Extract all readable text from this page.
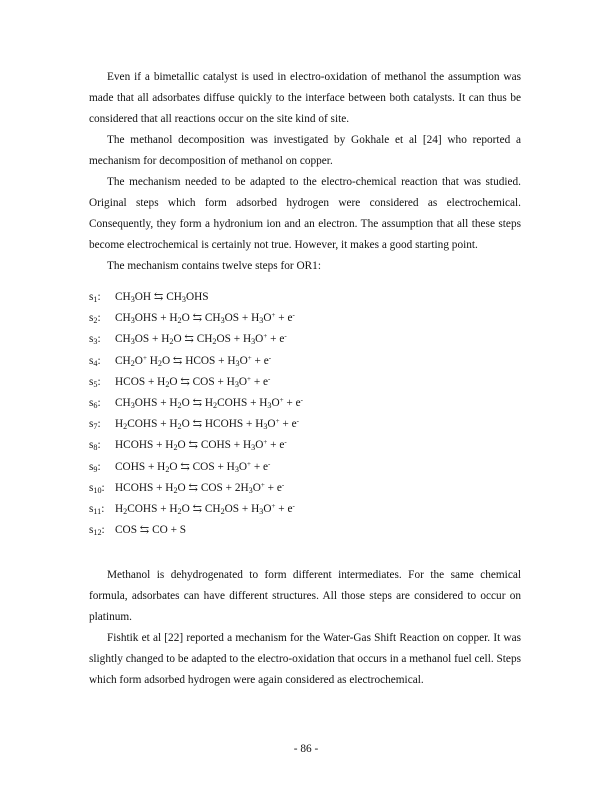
Even if a bimetallic catalyst is used in electro-oxidation of methanol the assumption was made that all adsorbates diffuse quickly to the interface between both catalysts. It can thus be considered that all reactions occur on the site kind of site.

The methanol decomposition was investigated by Gokhale et al [24] who reported a mechanism for decomposition of methanol on copper.

The mechanism needed to be adapted to the electro-chemical reaction that was studied. Original steps which form adsorbed hydrogen were considered as electrochemical. Consequently, they form a hydronium ion and an electron. The assumption that all these steps become electrochemical is certainly not true. However, it makes a good starting point.

The mechanism contains twelve steps for OR1:

$s_1$: $CH_3OH$ ⇆ $CH_3OHS$
$s_2$: $CH_3OHS + H_2O$ ⇆ $CH_3OS + H_3O^+ + e^-$
$s_3$: $CH_3OS + H_2O$ ⇆ $CH_2OS + H_3O^+ + e^-$
$s_4$: $CH_2O^+$ $H_2O$ ⇆ HCOS + $H_3O^+ + e^-$
$s_5$: HCOS + $H_2O$ ⇆ COS + $H_3O^+ + e^-$
$s_6$: $CH_3OHS + H_2O$ ⇆ $H_2COHS + H_3O^+ + e^-$
$s_7$: $H_2COHS + H_2O$ ⇆ HCOHS + $H_3O^+ + e^-$
$s_8$: HCOHS + $H_2O$ ⇆ COHS + $H_3O^+ + e^-$
$s_9$: COHS + $H_2O$ ⇆ COS + $H_3O^+ + e^-$
$s_{10}$: HCOHS + $H_2O$ ⇆ COS + $2H_3O^+ + e^-$
$s_{11}$: $H_2COHS + H_2O$ ⇆ $CH_2OS + H_3O^+ + e^-$
$s_{12}$: COS ⇆ CO + S

Methanol is dehydrogenated to form different intermediates. For the same chemical formula, adsorbates can have different structures. All those steps are considered to occur on platinum.

Fishtik et al [22] reported a mechanism for the Water-Gas Shift Reaction on copper. It was slightly changed to be adapted to the electro-oxidation that occurs in a methanol fuel cell. Steps which form adsorbed hydrogen were again considered as electrochemical.

- 86 -
